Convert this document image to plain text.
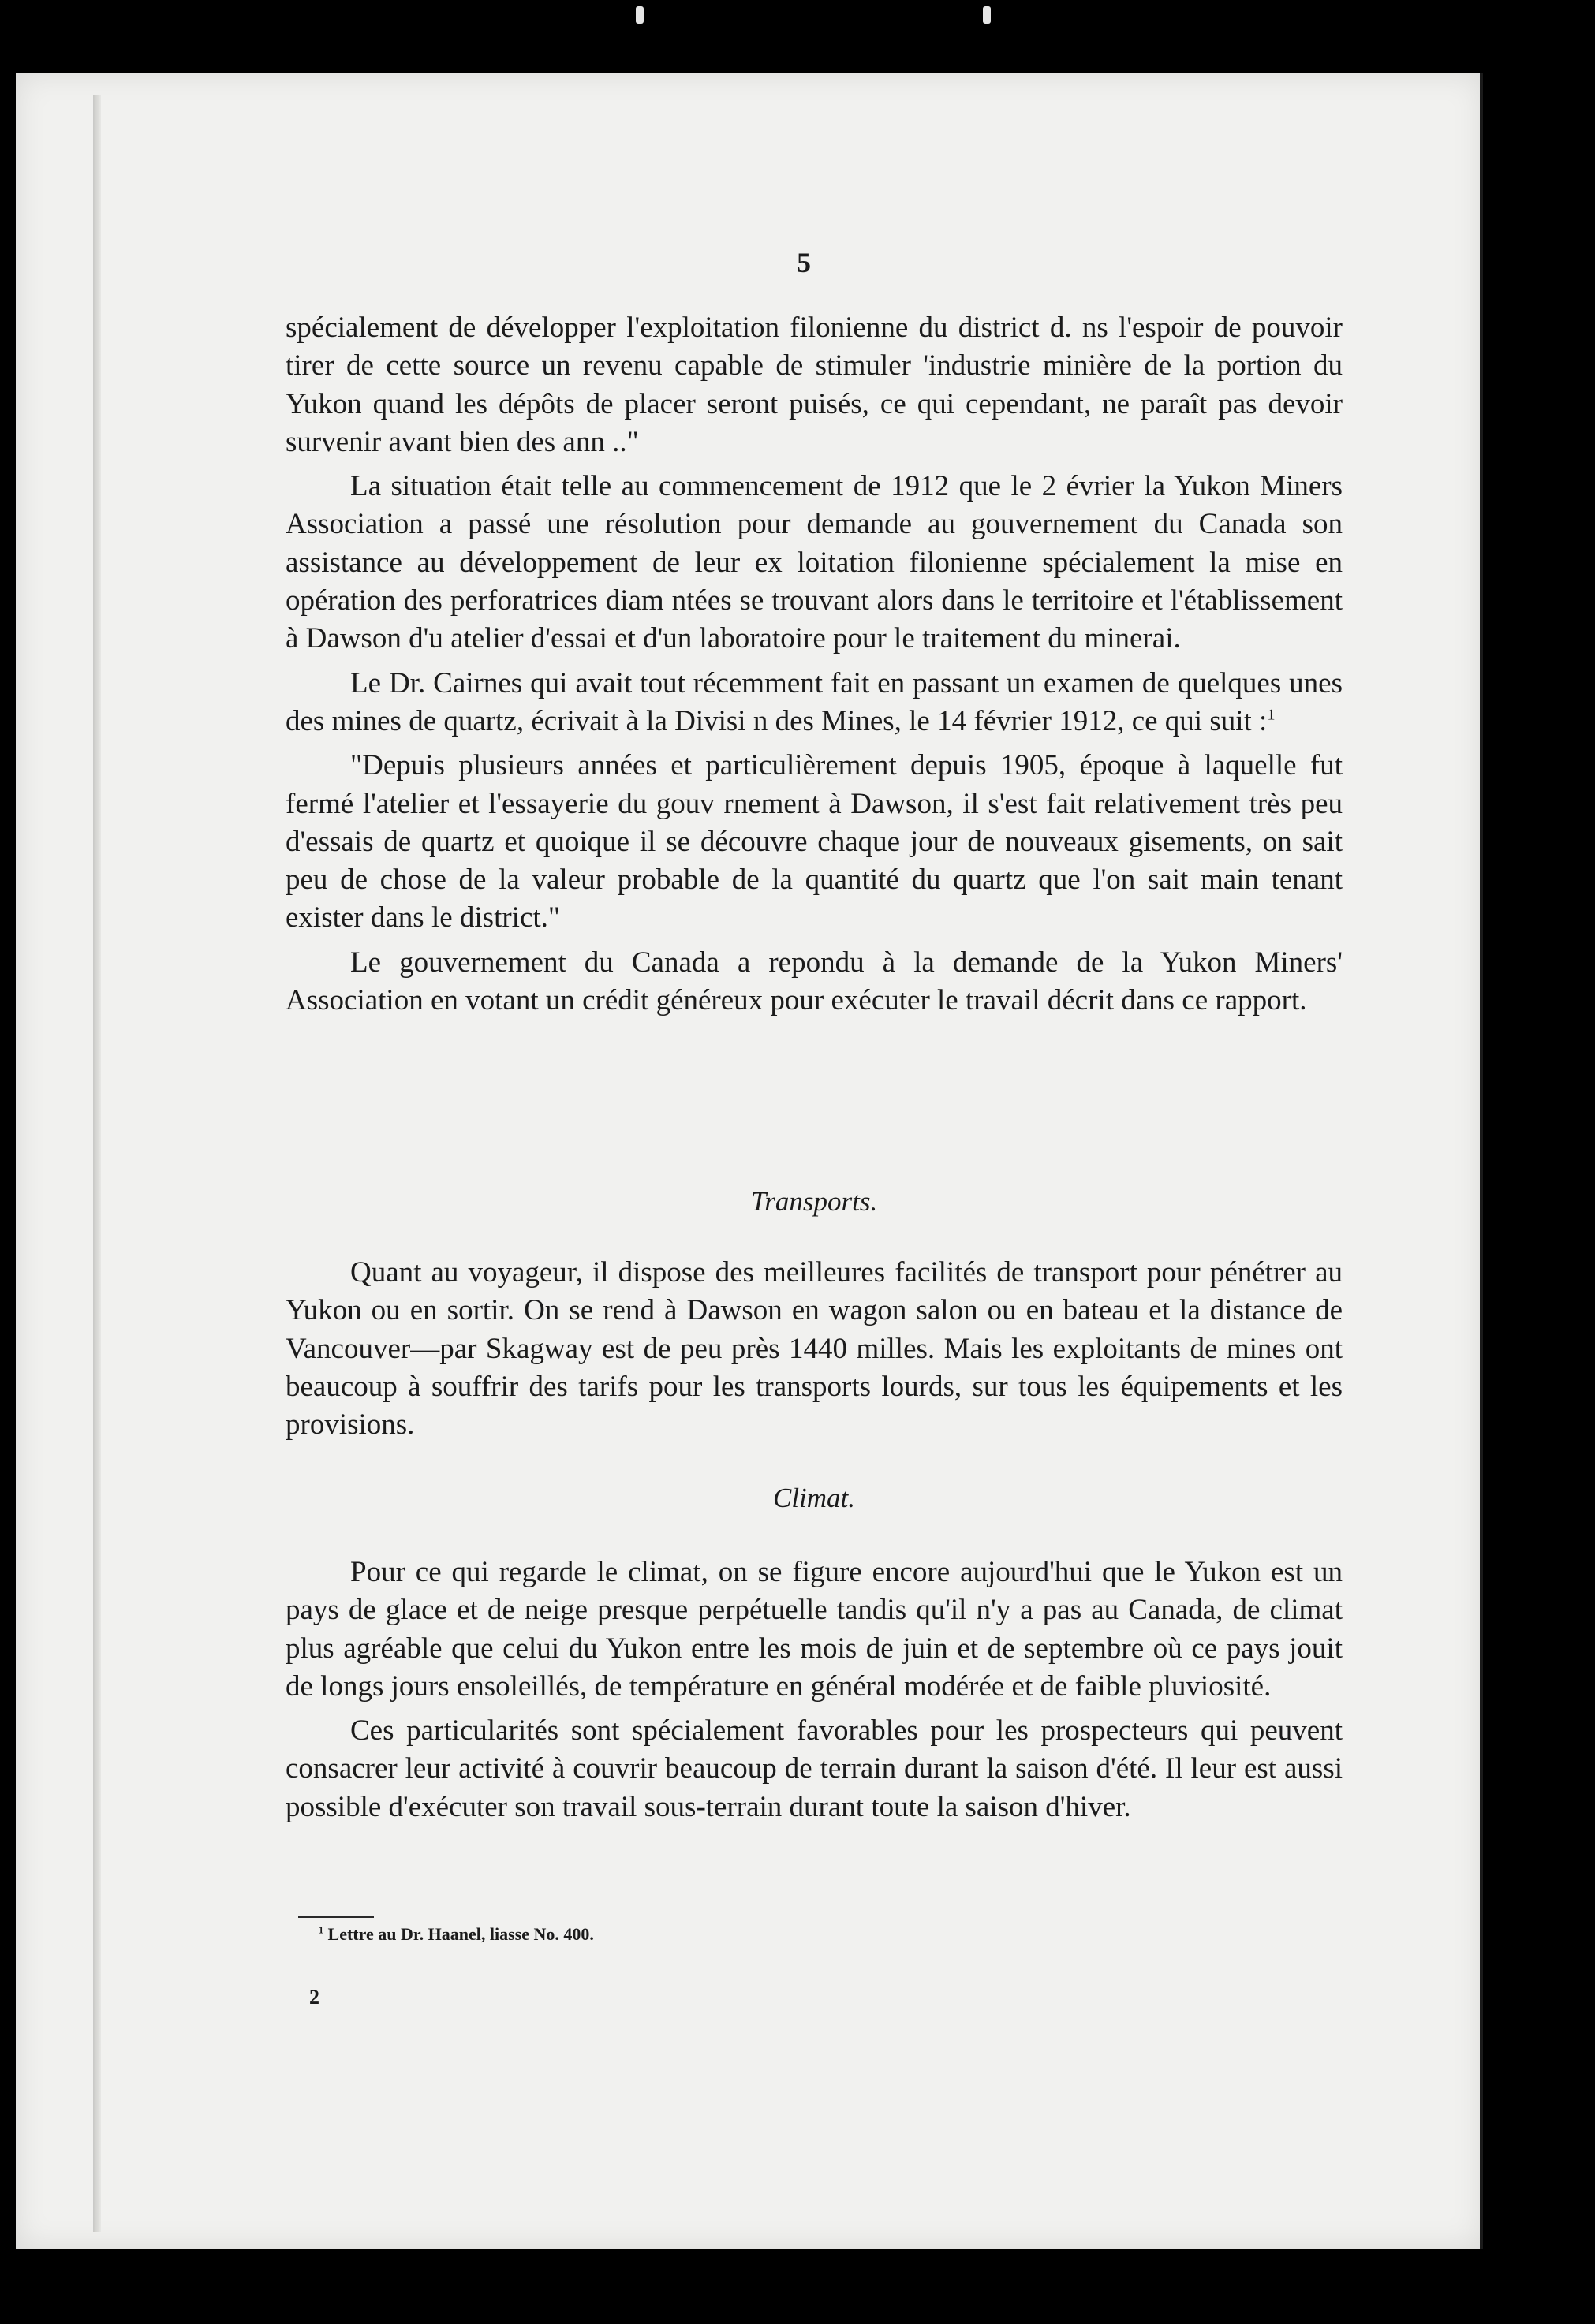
5

spécialement de développer l'exploitation filonienne du district d. ns l'espoir de pouvoir tirer de cette source un revenu capable de stimuler 'industrie minière de la portion du Yukon quand les dépôts de placer seront puisés, ce qui cependant, ne paraît pas devoir survenir avant bien des ann .."

La situation était telle au commencement de 1912 que le 2 évrier la Yukon Miners Association a passé une résolution pour demande au gouvernement du Canada son assistance au développement de leur ex loitation filonienne spécialement la mise en opération des perforatrices diam ntées se trouvant alors dans le territoire et l'établissement à Dawson d'u atelier d'essai et d'un laboratoire pour le traitement du minerai.

Le Dr. Cairnes qui avait tout récemment fait en passant un examen de quelques unes des mines de quartz, écrivait à la Divisi n des Mines, le 14 février 1912, ce qui suit :$^1$

"Depuis plusieurs années et particulièrement depuis 1905, époque à laquelle fut fermé l'atelier et l'essayerie du gouv rnement à Dawson, il s'est fait relativement très peu d'essais de quartz et quoique il se découvre chaque jour de nouveaux gisements, on sait peu de chose de la valeur probable de la quantité du quartz que l'on sait main tenant exister dans le district."

Le gouvernement du Canada a repondu à la demande de la Yukon Miners' Association en votant un crédit généreux pour exécuter le travail décrit dans ce rapport.

Transports.

Quant au voyageur, il dispose des meilleures facilités de transport pour pénétrer au Yukon ou en sortir. On se rend à Dawson en wagon salon ou en bateau et la distance de Vancouver—par Skagway est de peu près 1440 milles. Mais les exploitants de mines ont beaucoup à souffrir des tarifs pour les transports lourds, sur tous les équipements et les provisions.

Climat.

Pour ce qui regarde le climat, on se figure encore aujourd'hui que le Yukon est un pays de glace et de neige presque perpétuelle tandis qu'il n'y a pas au Canada, de climat plus agréable que celui du Yukon entre les mois de juin et de septembre où ce pays jouit de longs jours ensoleillés, de température en général modérée et de faible pluviosité.

Ces particularités sont spécialement favorables pour les prospecteurs qui peuvent consacrer leur activité à couvrir beaucoup de terrain durant la saison d'été. Il leur est aussi possible d'exécuter son travail sous-terrain durant toute la saison d'hiver.

$^1$ Lettre au Dr. Haanel, liasse No. 400.
2
